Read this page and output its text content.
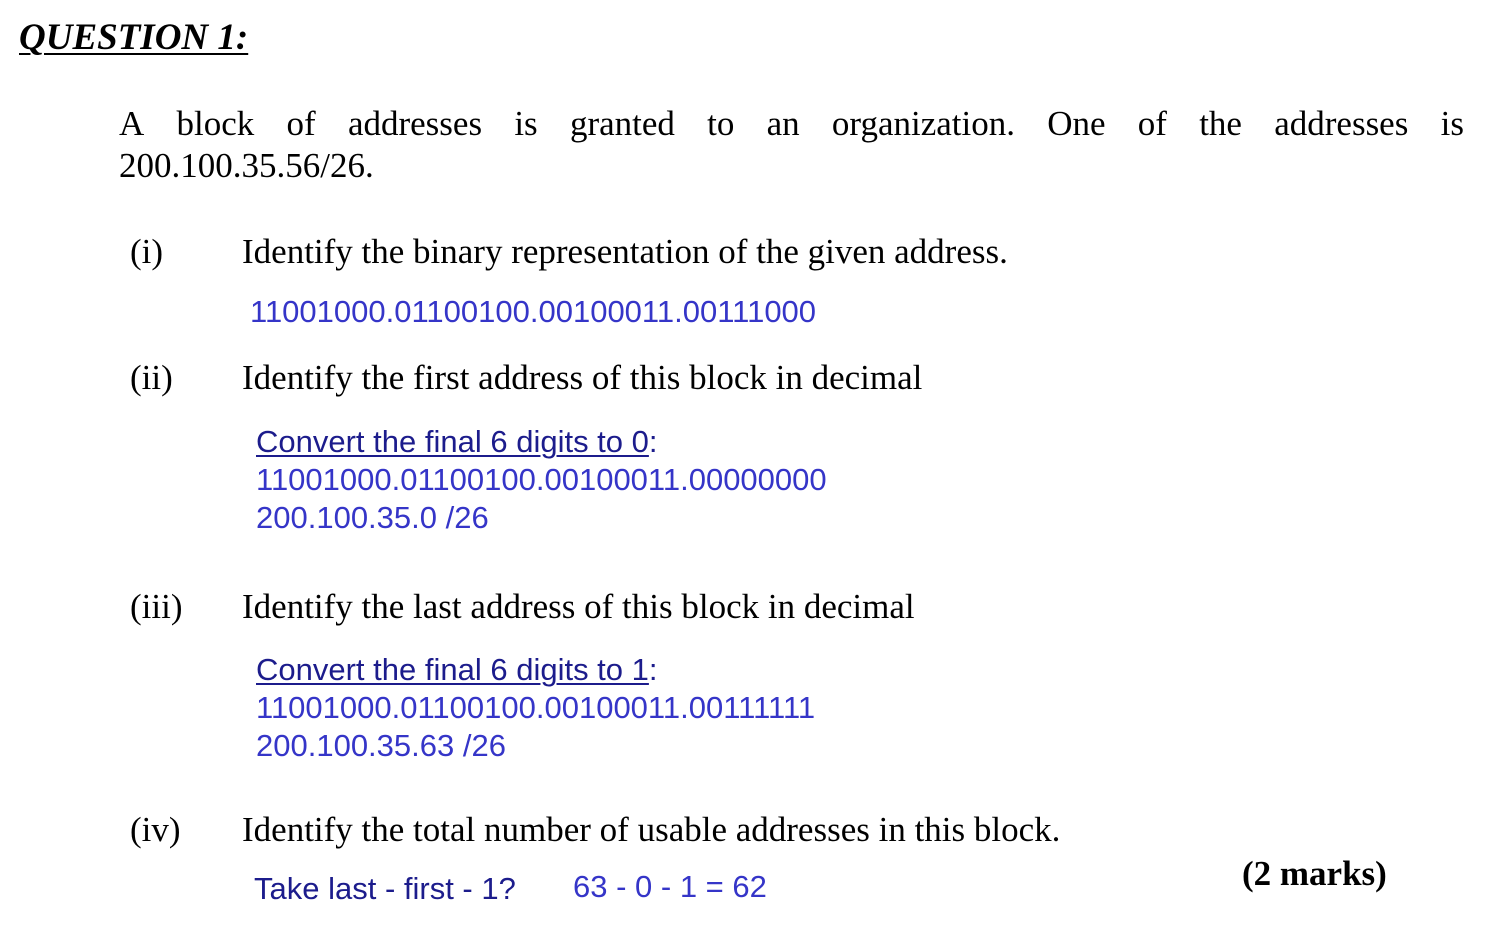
QUESTION 1:
A block of addresses is granted to an organization. One of the addresses is
200.100.35.56/26.
(i) Identify the binary representation of the given address.
11001000.01100100.00100011.00111000
(ii) Identify the first address of this block in decimal
Convert the final 6 digits to 0:
11001000.01100100.00100011.00000000
200.100.35.0 /26
(iii) Identify the last address of this block in decimal
Convert the final 6 digits to 1:
11001000.01100100.00100011.00111111
200.100.35.63 /26
(iv) Identify the total number of usable addresses in this block.
Take last - first - 1? 63 - 0 - 1 = 62	(2 marks)
